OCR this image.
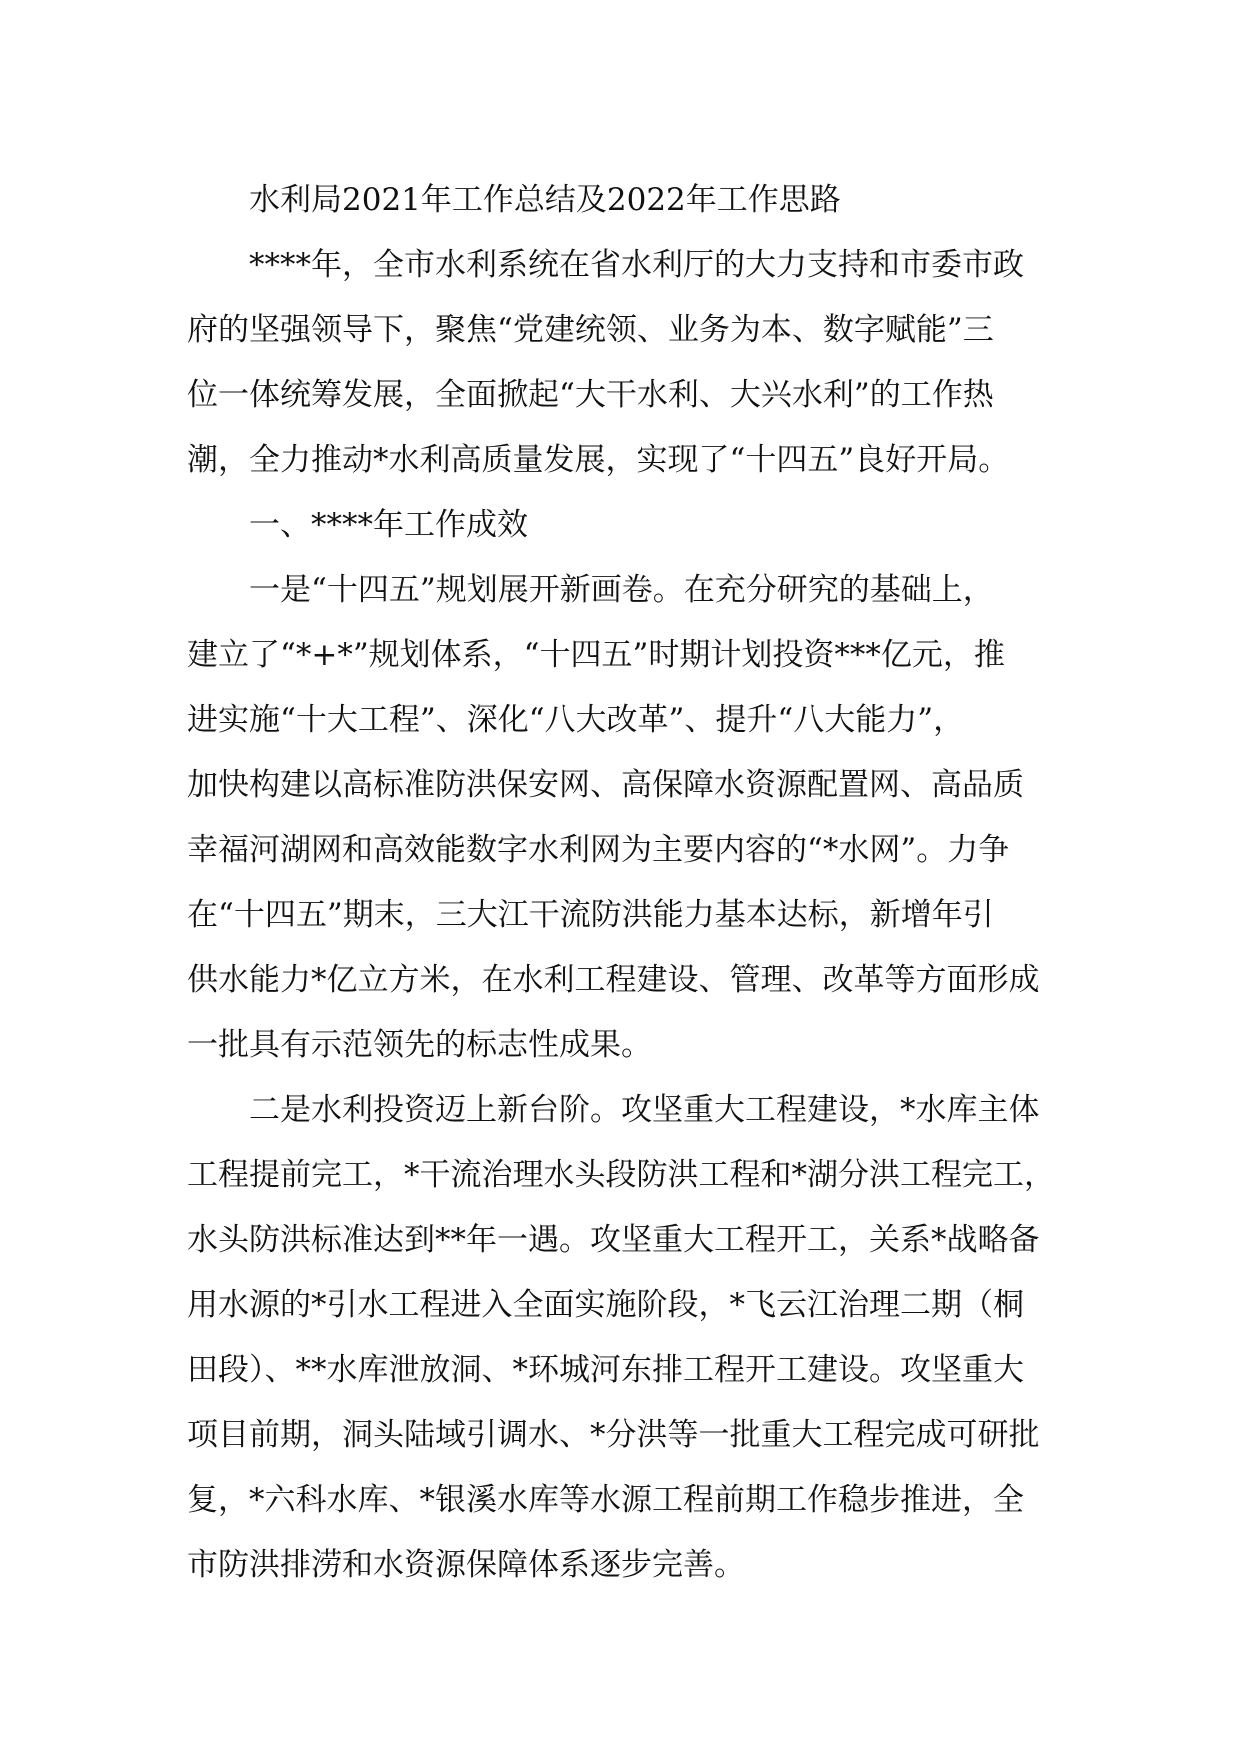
水利局2021年工作总结及2022年工作思路
****年，全市水利系统在省水利厅的大力支持和市委市政
府的坚强领导下，聚焦“党建统领、业务为本、数字赋能”三
位一体统筹发展，全面掀起“大干水利、大兴水利”的工作热
潮，全力推动*水利高质量发展，实现了“十四五”良好开局。
一、****年工作成效
一是“十四五”规划展开新画卷。在充分研究的基础上，
建立了“*+*”规划体系，“十四五”时期计划投资***亿元，推
进实施“十大工程”、深化“八大改革”、提升“八大能力”，
加快构建以高标准防洪保安网、高保障水资源配置网、高品质
幸福河湖网和高效能数字水利网为主要内容的“*水网”。力争
在“十四五”期末，三大江干流防洪能力基本达标，新增年引
供水能力*亿立方米，在水利工程建设、管理、改革等方面形成
一批具有示范领先的标志性成果。
二是水利投资迈上新台阶。攻坚重大工程建设，*水库主体
工程提前完工，*干流治理水头段防洪工程和*湖分洪工程完工，
水头防洪标准达到**年一遇。攻坚重大工程开工，关系*战略备
用水源的*引水工程进入全面实施阶段，*飞云江治理二期（桐
田段）、**水库泄放洞、*环城河东排工程开工建设。攻坚重大
项目前期，洞头陆域引调水、*分洪等一批重大工程完成可研批
复，*六科水库、*银溪水库等水源工程前期工作稳步推进，全
市防洪排涝和水资源保障体系逐步完善。
